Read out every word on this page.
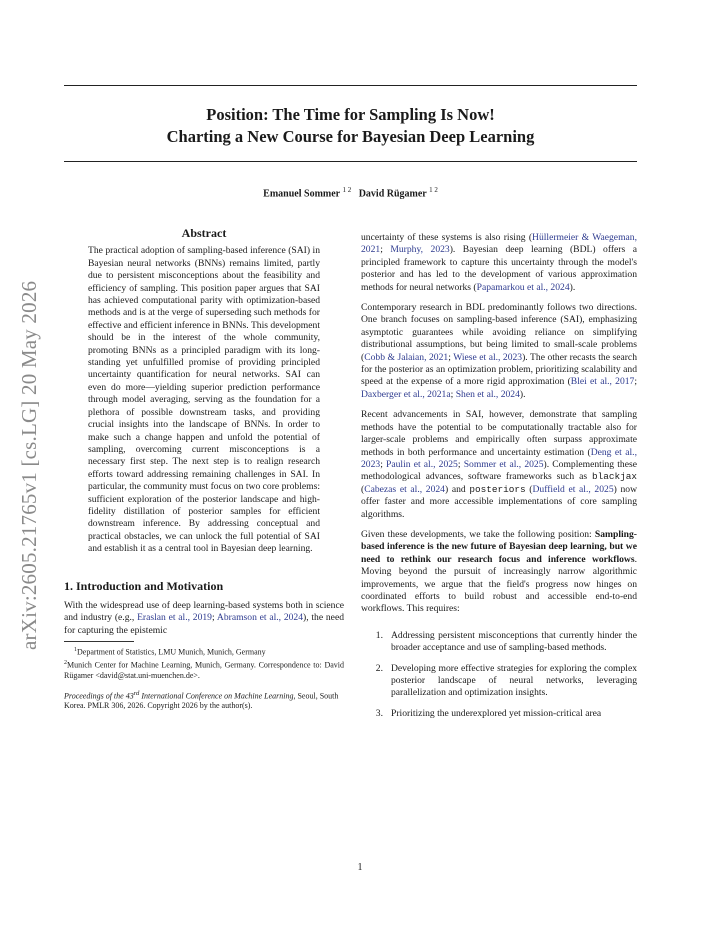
Position: The Time for Sampling Is Now!
Charting a New Course for Bayesian Deep Learning
Emanuel Sommer $^{1 2}$ David Rügamer $^{1 2}$
arXiv:2605.21765v1 [cs.LG] 20 May 2026
Abstract
The practical adoption of sampling-based inference (SAI) in Bayesian neural networks (BNNs) remains limited, partly due to persistent misconceptions about the feasibility and efficiency of sampling. This position paper argues that SAI has achieved computational parity with optimization-based methods and is at the verge of superseding such methods for effective and efficient inference in BNNs. This development should be in the interest of the whole community, promoting BNNs as a principled paradigm with its long-standing yet unfulfilled promise of providing principled uncertainty quantification for neural networks. SAI can even do more—yielding superior prediction performance through model averaging, serving as the foundation for a plethora of possible downstream tasks, and providing crucial insights into the landscape of BNNs. In order to make such a change happen and unfold the potential of sampling, overcoming current misconceptions is a necessary first step. The next step is to realign research efforts toward addressing remaining challenges in SAI. In particular, the community must focus on two core problems: sufficient exploration of the posterior landscape and high-fidelity distillation of posterior samples for efficient downstream inference. By addressing conceptual and practical obstacles, we can unlock the full potential of SAI and establish it as a central tool in Bayesian deep learning.
1. Introduction and Motivation

With the widespread use of deep learning-based systems both in science and industry (e.g., Eraslan et al., 2019; Abramson et al., 2024), the need for capturing the epistemic

$^1$Department of Statistics, LMU Munich, Munich, Germany
$^2$Munich Center for Machine Learning, Munich, Germany. Correspondence to: David Rügamer <david@stat.uni-muenchen.de>.
Proceedings of the 43rd International Conference on Machine Learning, Seoul, South Korea. PMLR 306, 2026. Copyright 2026 by the author(s).

uncertainty of these systems is also rising (Hüllermeier & Waegeman, 2021; Murphy, 2023). Bayesian deep learning (BDL) offers a principled framework to capture this uncertainty through the model's posterior and has led to the development of various approximation methods for neural networks (Papamarkou et al., 2024).

Contemporary research in BDL predominantly follows two directions. One branch focuses on sampling-based inference (SAI), emphasizing asymptotic guarantees while avoiding reliance on simplifying distributional assumptions, but being limited to small-scale problems (Cobb & Jalaian, 2021; Wiese et al., 2023). The other recasts the search for the posterior as an optimization problem, prioritizing scalability and speed at the expense of a more rigid approximation (Blei et al., 2017; Daxberger et al., 2021a; Shen et al., 2024).

Recent advancements in SAI, however, demonstrate that sampling methods have the potential to be computationally tractable also for larger-scale problems and empirically often surpass approximate methods in both performance and uncertainty estimation (Deng et al., 2023; Paulin et al., 2025; Sommer et al., 2025). Complementing these methodological advances, software frameworks such as blackjax (Cabezas et al., 2024) and posteriors (Duffield et al., 2025) now offer faster and more accessible implementations of core sampling algorithms.

Given these developments, we take the following position: Sampling-based inference is the new future of Bayesian deep learning, but we need to rethink our research focus and inference workflows. Moving beyond the pursuit of increasingly narrow algorithmic improvements, we argue that the field's progress now hinges on coordinated efforts to build robust and accessible end-to-end workflows. This requires:

1. Addressing persistent misconceptions that currently hinder the broader acceptance and use of sampling-based methods.
2. Developing more effective strategies for exploring the complex posterior landscape of neural networks, leveraging parallelization and optimization insights.
3. Prioritizing the underexplored yet mission-critical area
1
